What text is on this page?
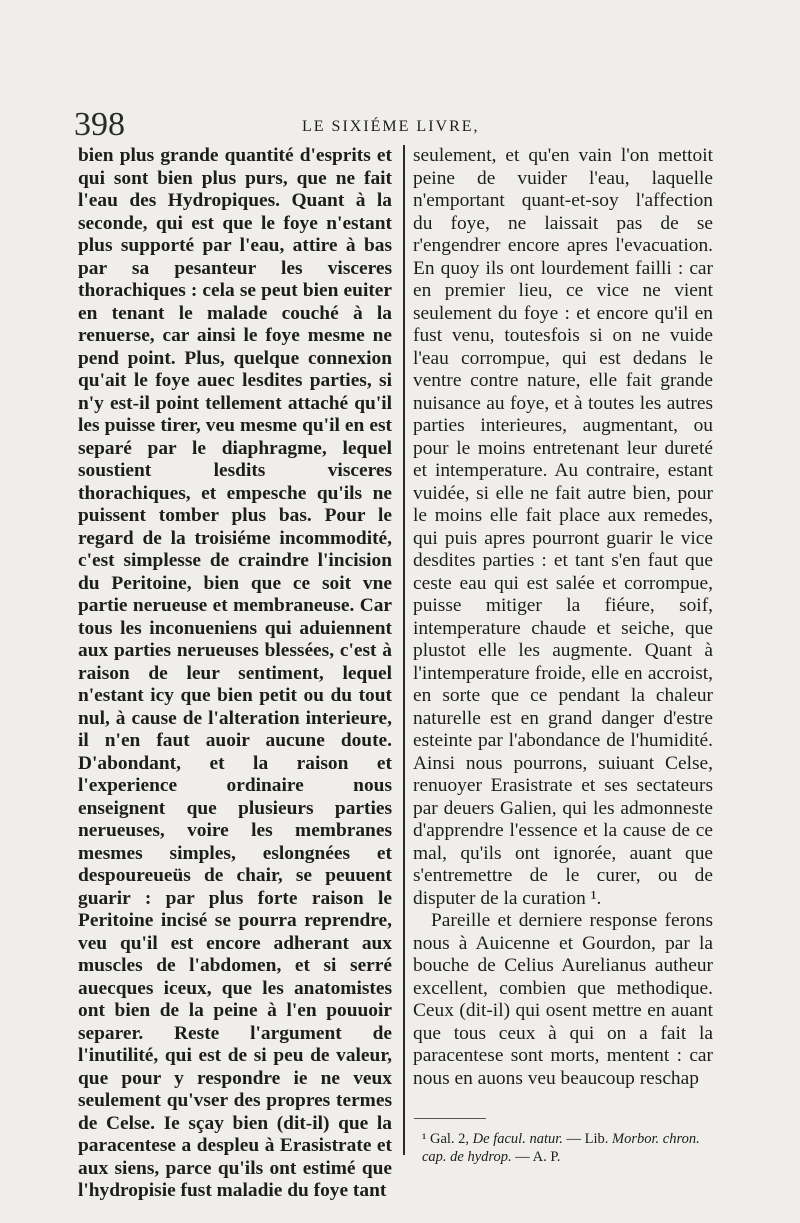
398	LE SIXIÉME LIVRE,

bien plus grande quantité d'esprits et qui sont bien plus purs, que ne fait l'eau des Hydropiques. Quant à la seconde, qui est que le foye n'estant plus supporté par l'eau, attire à bas par sa pesanteur les visceres thorachiques : cela se peut bien euiter en tenant le malade couché à la renuerse, car ainsi le foye mesme ne pend point. Plus, quelque connexion qu'ait le foye auec lesdites parties, si n'y est-il point tellement attaché qu'il les puisse tirer, veu mesme qu'il en est separé par le diaphragme, lequel soustient lesdits visceres thorachiques, et empesche qu'ils ne puissent tomber plus bas. Pour le regard de la troisiéme incommodité, c'est simplesse de craindre l'incision du Peritoine, bien que ce soit vne partie nerueuse et membraneuse. Car tous les inconueniens qui aduiennent aux parties nerueuses blessées, c'est à raison de leur sentiment, lequel n'estant icy que bien petit ou du tout nul, à cause de l'alteration interieure, il n'en faut auoir aucune doute. D'abondant, et la raison et l'experience ordinaire nous enseignent que plusieurs parties nerueuses, voire les membranes mesmes simples, eslongnées et despoureueüs de chair, se peuuent guarir : par plus forte raison le Peritoine incisé se pourra reprendre, veu qu'il est encore adherant aux muscles de l'abdomen, et si serré auecques iceux, que les anatomistes ont bien de la peine à l'en pouuoir separer. Reste l'argument de l'inutilité, qui est de si peu de valeur, que pour y respondre ie ne veux seulement qu'vser des propres termes de Celse. Ie sçay bien (dit-il) que la paracentese a despleu à Erasistrate et aux siens, parce qu'ils ont estimé que l'hydropisie fust maladie du foye tant

seulement, et qu'en vain l'on mettoit peine de vuider l'eau, laquelle n'emportant quant-et-soy l'affection du foye, ne laissait pas de se r'engendrer encore apres l'evacuation. En quoy ils ont lourdement failli : car en premier lieu, ce vice ne vient seulement du foye : et encore qu'il en fust venu, toutesfois si on ne vuide l'eau corrompue, qui est dedans le ventre contre nature, elle fait grande nuisance au foye, et à toutes les autres parties interieures, augmentant, ou pour le moins entretenant leur dureté et intemperature. Au contraire, estant vuidée, si elle ne fait autre bien, pour le moins elle fait place aux remedes, qui puis apres pourront guarir le vice desdites parties : et tant s'en faut que ceste eau qui est salée et corrompue, puisse mitiger la fiéure, soif, intemperature chaude et seiche, que plustot elle les augmente. Quant à l'intemperature froide, elle en accroist, en sorte que ce pendant la chaleur naturelle est en grand danger d'estre esteinte par l'abondance de l'humidité. Ainsi nous pourrons, suiuant Celse, renuoyer Erasistrate et ses sectateurs par deuers Galien, qui les admonneste d'apprendre l'essence et la cause de ce mal, qu'ils ont ignorée, auant que s'entremettre de le curer, ou de disputer de la curation ¹.

Pareille et derniere response ferons nous à Auicenne et Gourdon, par la bouche de Celius Aurelianus autheur excellent, combien que methodique. Ceux (dit-il) qui osent mettre en auant que tous ceux à qui on a fait la paracentese sont morts, mentent : car nous en auons veu beaucoup reschap

¹ Gal. 2, De facul. natur. — Lib. Morbor. chron. cap. de hydrop. — A. P.
